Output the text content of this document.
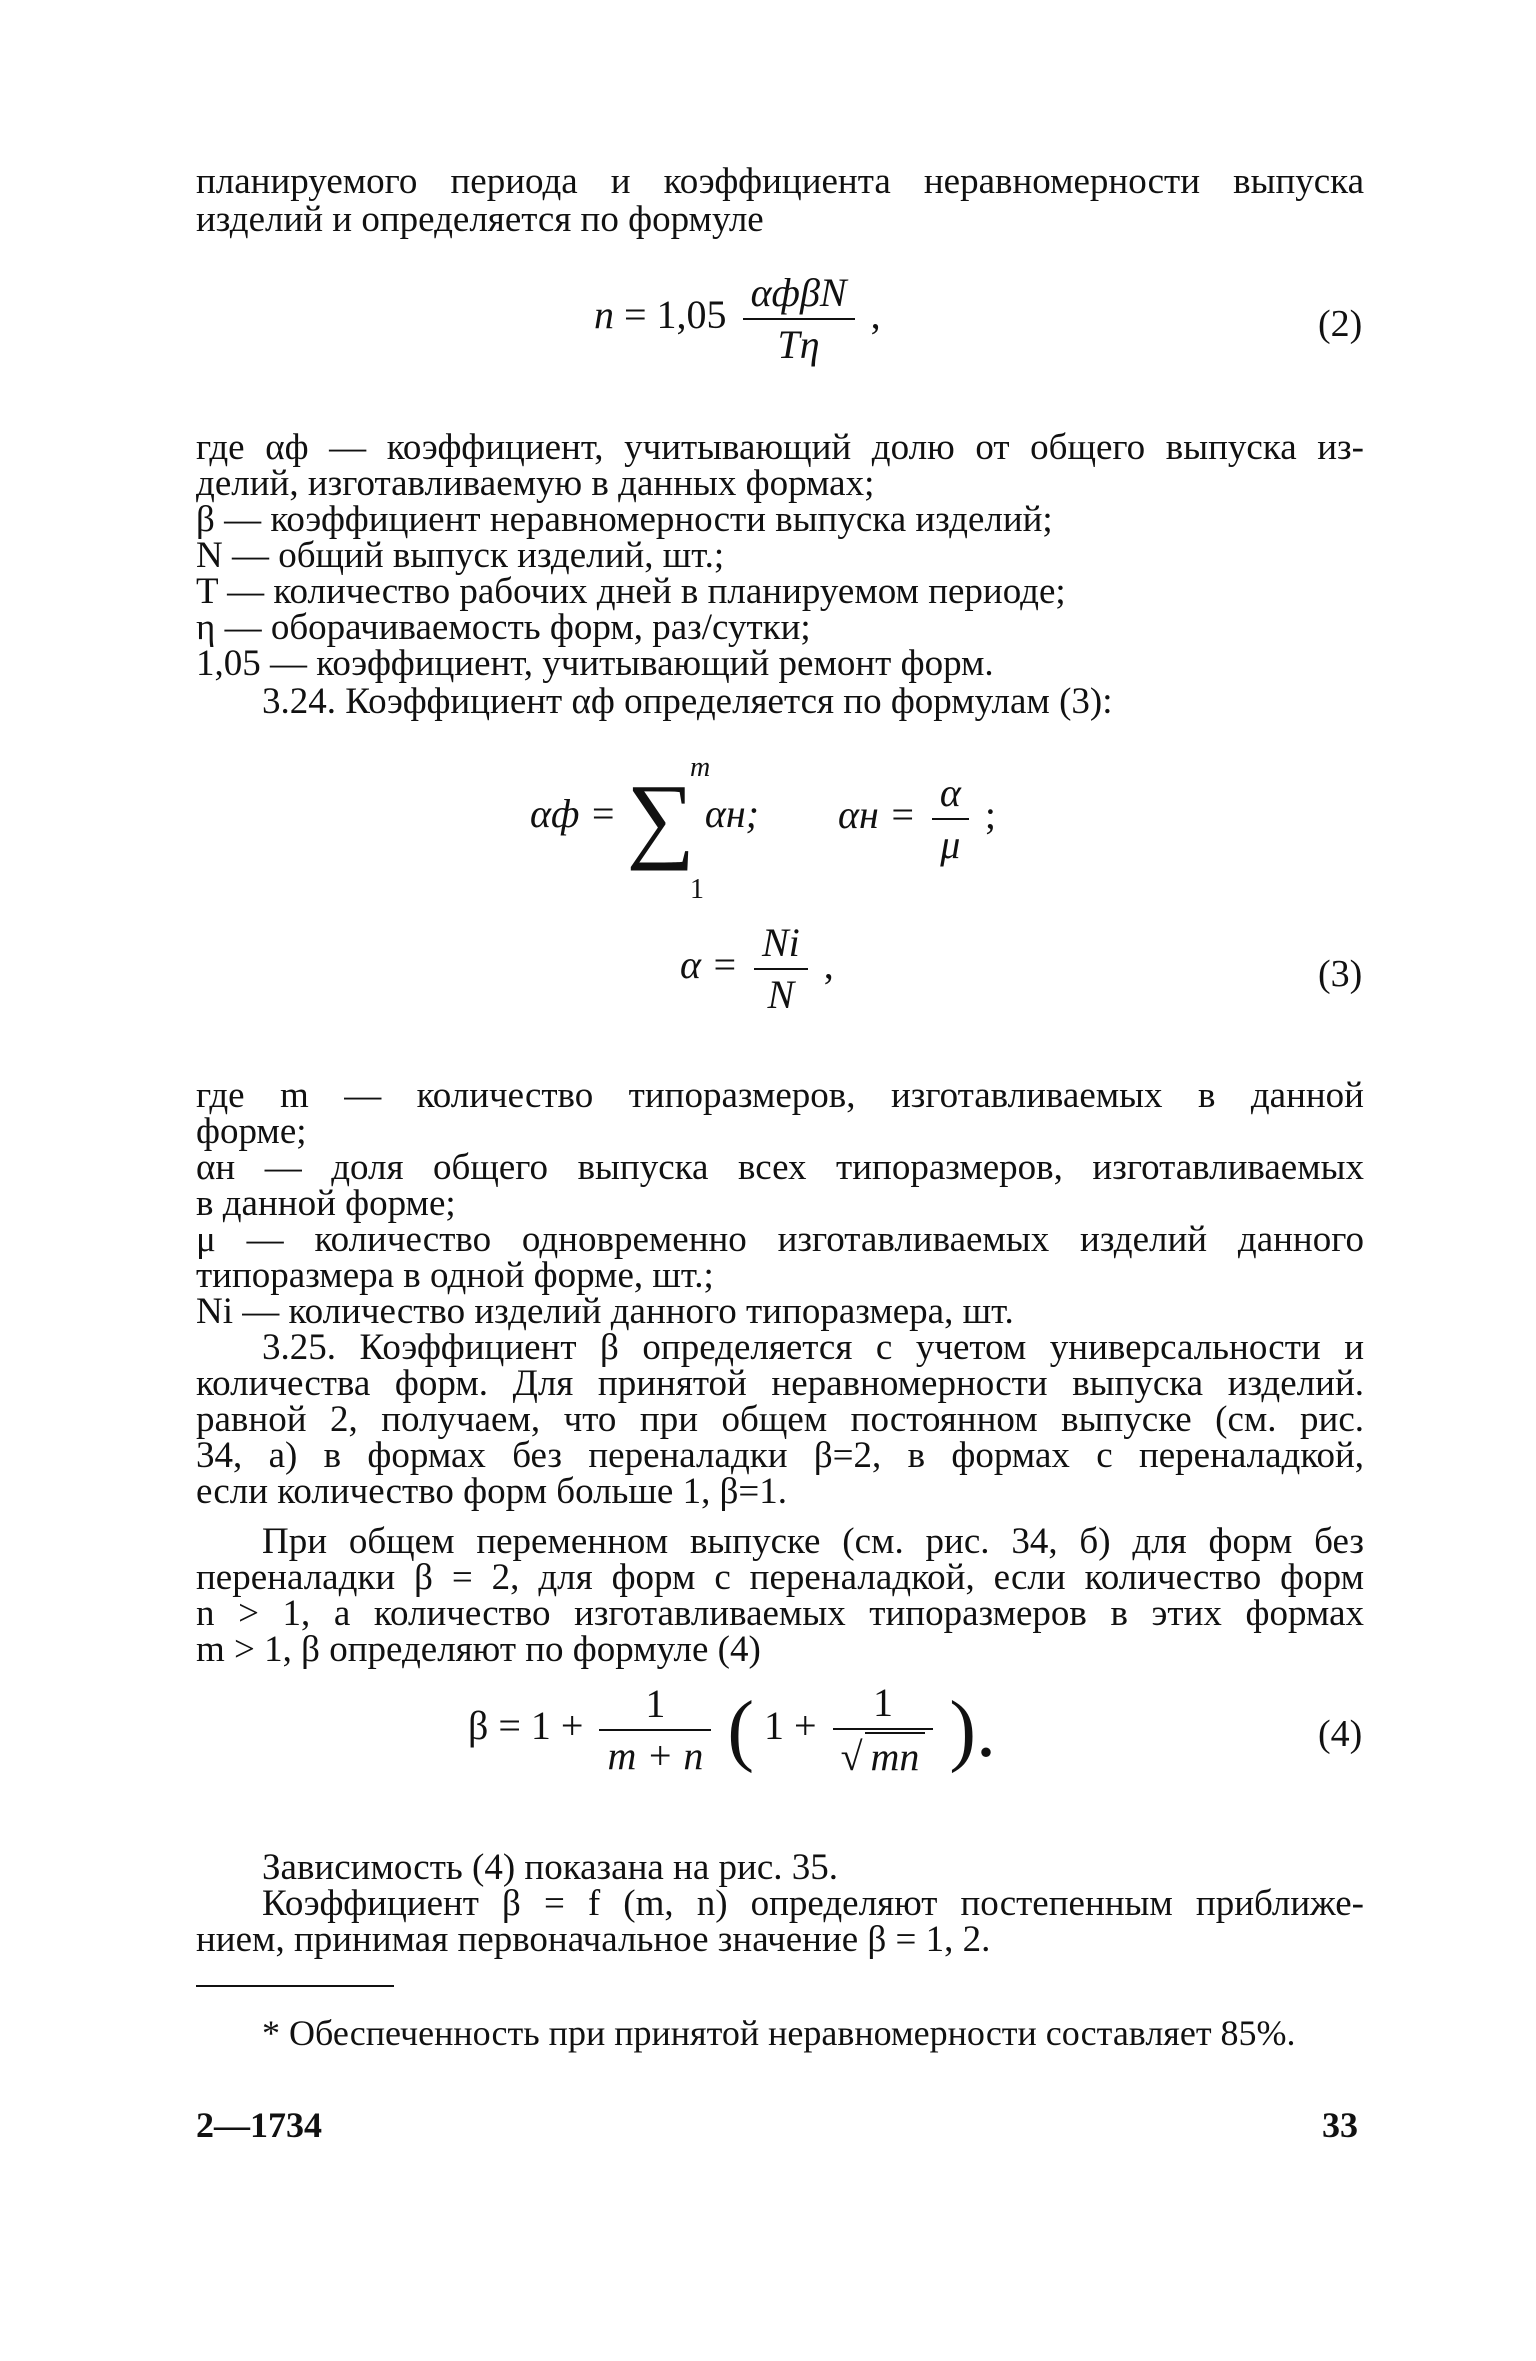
планируемого периода и коэффициента неравномерности выпуска
изделий и определяется по формуле
$n = 1,05 \frac{\text{αфβN}}{T\eta}$ ,	(2)
где αф — коэффициент, учитывающий долю от общего выпуска из-
делий, изготавливаемую в данных формах;
β — коэффициент неравномерности выпуска изделий;
N — общий выпуск изделий, шт.;
T — количество рабочих дней в планируемом периоде;
η — оборачиваемость форм, раз/сутки;
1,05 — коэффициент, учитывающий ремонт форм.
3.24. Коэффициент αф определяется по формулам (3):
αф = ∑ αн;
m
1
$\alpha н = \frac{\alpha}{\mu}$ ;
$\alpha = \frac{Ni}{N}$ ,	(3)
где m — количество типоразмеров, изготавливаемых в данной
форме;
αн — доля общего выпуска всех типоразмеров, изготавливаемых
в данной форме;
μ — количество одновременно изготавливаемых изделий данного
типоразмера в одной форме, шт.;
Ni — количество изделий данного типоразмера, шт.
3.25. Коэффициент β определяется с учетом универсальности и
количества форм. Для принятой неравномерности выпуска изделий.
равной 2, получаем, что при общем постоянном выпуске (см. рис.
34, а) в формах без переналадки β=2, в формах с переналадкой,
если количество форм больше 1, β=1.
При общем переменном выпуске (см. рис. 34, б) для форм без
переналадки β = 2, для форм с переналадкой, если количество форм
n > 1, а количество изготавливаемых типоразмеров в этих формах
m > 1, β определяют по формуле (4)
$\beta = 1 + \frac{1}{m + n}$ ( $1 + \frac{1}{√ mn}$ ).	(4)
Зависимость (4) показана на рис. 35.
Коэффициент β = f (m, n) определяют постепенным приближе-
нием, принимая первоначальное значение β = 1, 2.
* Обеспеченность при принятой неравномерности составляет 85%.
2—1734	33
